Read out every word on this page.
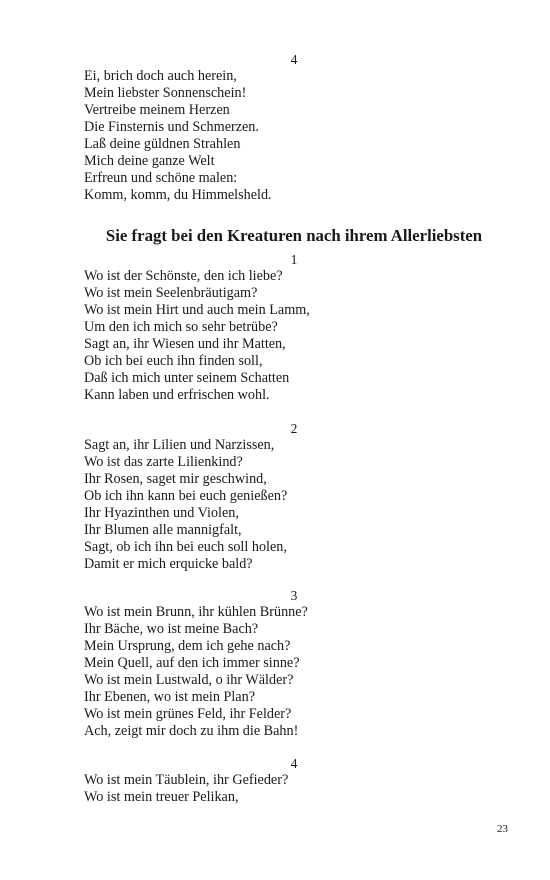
4
Ei, brich doch auch herein,
Mein liebster Sonnenschein!
Vertreibe meinem Herzen
Die Finsternis und Schmerzen.
Laß deine güldnen Strahlen
Mich deine ganze Welt
Erfreun und schöne malen:
Komm, komm, du Himmelsheld.
Sie fragt bei den Kreaturen nach ihrem Allerliebsten
1
Wo ist der Schönste, den ich liebe?
Wo ist mein Seelenbräutigam?
Wo ist mein Hirt und auch mein Lamm,
Um den ich mich so sehr betrübe?
Sagt an, ihr Wiesen und ihr Matten,
Ob ich bei euch ihn finden soll,
Daß ich mich unter seinem Schatten
Kann laben und erfrischen wohl.
2
Sagt an, ihr Lilien und Narzissen,
Wo ist das zarte Lilienkind?
Ihr Rosen, saget mir geschwind,
Ob ich ihn kann bei euch genießen?
Ihr Hyazinthen und Violen,
Ihr Blumen alle mannigfalt,
Sagt, ob ich ihn bei euch soll holen,
Damit er mich erquicke bald?
3
Wo ist mein Brunn, ihr kühlen Brünne?
Ihr Bäche, wo ist meine Bach?
Mein Ursprung, dem ich gehe nach?
Mein Quell, auf den ich immer sinne?
Wo ist mein Lustwald, o ihr Wälder?
Ihr Ebenen, wo ist mein Plan?
Wo ist mein grünes Feld, ihr Felder?
Ach, zeigt mir doch zu ihm die Bahn!
4
Wo ist mein Täublein, ihr Gefieder?
Wo ist mein treuer Pelikan,

23
